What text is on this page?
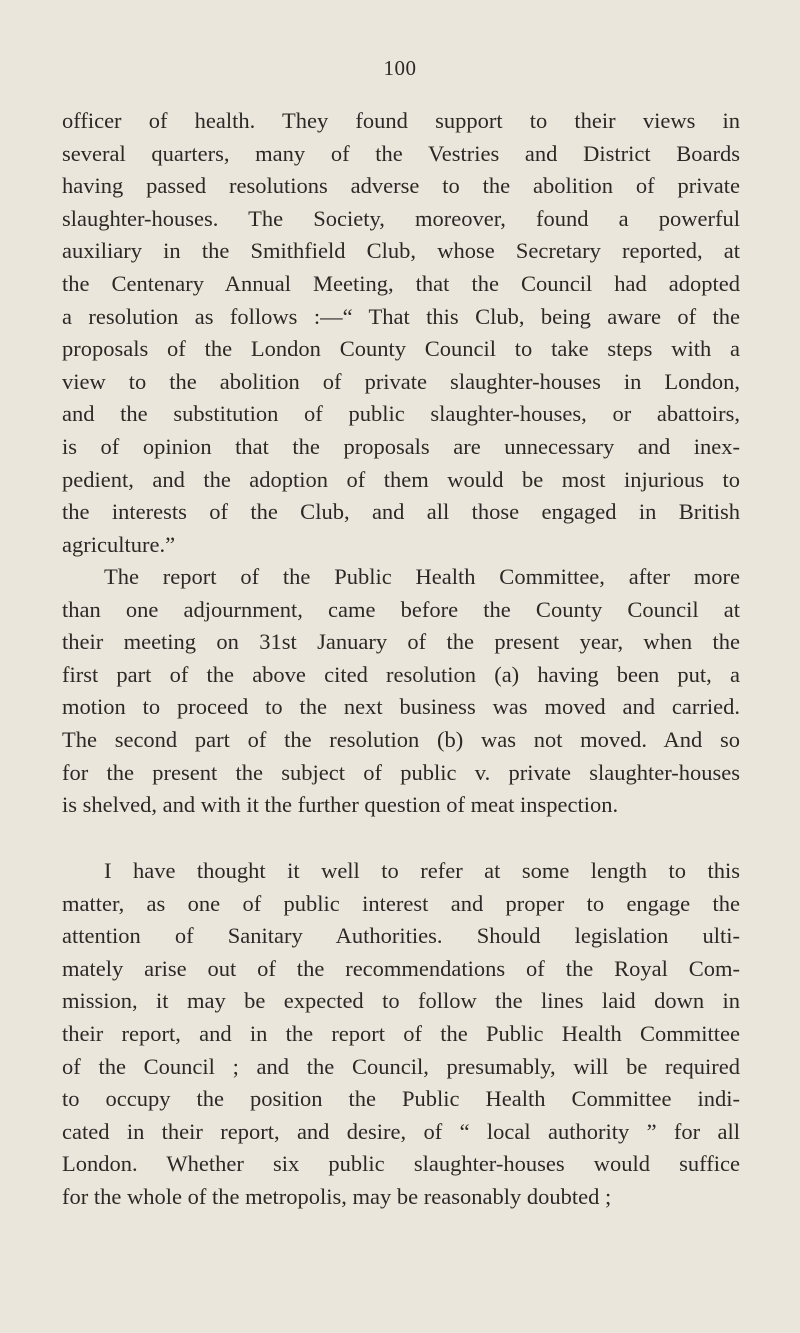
100
officer of health. They found support to their views in
several quarters, many of the Vestries and District Boards
having passed resolutions adverse to the abolition of private
slaughter-houses. The Society, moreover, found a powerful
auxiliary in the Smithfield Club, whose Secretary reported, at
the Centenary Annual Meeting, that the Council had adopted
a resolution as follows :—“ That this Club, being aware of the
proposals of the London County Council to take steps with a
view to the abolition of private slaughter-houses in London,
and the substitution of public slaughter-houses, or abattoirs,
is of opinion that the proposals are unnecessary and inex-
pedient, and the adoption of them would be most injurious to
the interests of the Club, and all those engaged in British
agriculture.”
The report of the Public Health Committee, after more
than one adjournment, came before the County Council at
their meeting on 31st January of the present year, when the
first part of the above cited resolution (a) having been put, a
motion to proceed to the next business was moved and carried.
The second part of the resolution (b) was not moved. And so
for the present the subject of public v. private slaughter-houses
is shelved, and with it the further question of meat inspection.
I have thought it well to refer at some length to this
matter, as one of public interest and proper to engage the
attention of Sanitary Authorities. Should legislation ulti-
mately arise out of the recommendations of the Royal Com-
mission, it may be expected to follow the lines laid down in
their report, and in the report of the Public Health Committee
of the Council ; and the Council, presumably, will be required
to occupy the position the Public Health Committee indi-
cated in their report, and desire, of “ local authority ” for all
London. Whether six public slaughter-houses would suffice
for the whole of the metropolis, may be reasonably doubted ;
